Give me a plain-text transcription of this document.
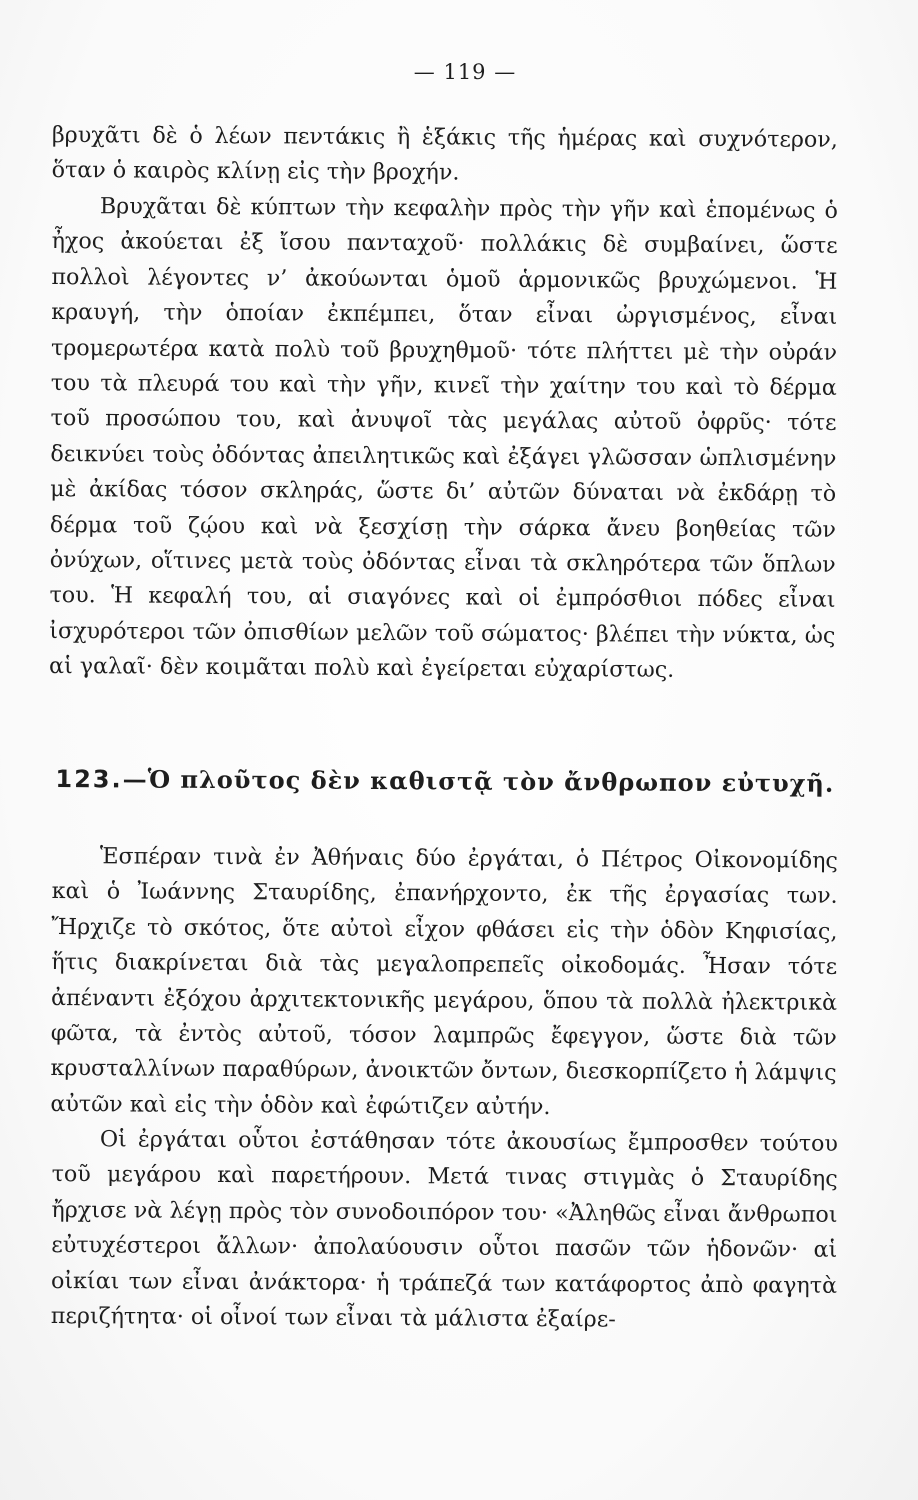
— 119 —

βρυχᾶτι δὲ ὁ λέων πεντάκις ἢ ἑξάκις τῆς ἡμέρας καὶ συχνότερον, ὅταν ὁ καιρὸς κλίνῃ εἰς τὴν βροχήν.

Βρυχᾶται δὲ κύπτων τὴν κεφαλὴν πρὸς τὴν γῆν καὶ ἑπομένως ὁ ἦχος ἀκούεται ἐξ ἴσου πανταχοῦ· πολλάκις δὲ συμβαίνει, ὥστε πολλοὶ λέγοντες ν’ ἀκούωνται ὁμοῦ ἁρμονικῶς βρυχώμενοι. Ἡ κραυγή, τὴν ὁποίαν ἐκπέμπει, ὅταν εἶναι ὠργισμένος, εἶναι τρομερωτέρα κατὰ πολὺ τοῦ βρυχηθμοῦ· τότε πλήττει μὲ τὴν οὐράν του τὰ πλευρά του καὶ τὴν γῆν, κινεῖ τὴν χαίτην του καὶ τὸ δέρμα τοῦ προσώπου του, καὶ ἀνυψοῖ τὰς μεγάλας αὐτοῦ ὀφρῦς· τότε δεικνύει τοὺς ὀδόντας ἀπειλητικῶς καὶ ἐξάγει γλῶσσαν ὡπλισμένην μὲ ἀκίδας τόσον σκληράς, ὥστε δι’ αὐτῶν δύναται νὰ ἐκδάρῃ τὸ δέρμα τοῦ ζῴου καὶ νὰ ξεσχίσῃ τὴν σάρκα ἄνευ βοηθείας τῶν ὀνύχων, οἵτινες μετὰ τοὺς ὀδόντας εἶναι τὰ σκληρότερα τῶν ὅπλων του. Ἡ κεφαλή του, αἱ σιαγόνες καὶ οἱ ἐμπρόσθιοι πόδες εἶναι ἰσχυρότεροι τῶν ὀπισθίων μελῶν τοῦ σώματος· βλέπει τὴν νύκτα, ὡς αἱ γαλαῖ· δὲν κοιμᾶται πολὺ καὶ ἐγείρεται εὐχαρίστως.

123.—Ὁ πλοῦτος δὲν καθιστᾷ τὸν ἄνθρωπον εὐτυχῆ.

Ἑσπέραν τινὰ ἐν Ἀθήναις δύο ἐργάται, ὁ Πέτρος Οἰκονομίδης καὶ ὁ Ἰωάννης Σταυρίδης, ἐπανήρχοντο, ἐκ τῆς ἐργασίας των. Ἤρχιζε τὸ σκότος, ὅτε αὐτοὶ εἶχον φθάσει εἰς τὴν ὁδὸν Κηφισίας, ἥτις διακρίνεται διὰ τὰς μεγαλοπρεπεῖς οἰκοδομάς. Ἦσαν τότε ἀπέναντι ἐξόχου ἀρχιτεκτονικῆς μεγάρου, ὅπου τὰ πολλὰ ἠλεκτρικὰ φῶτα, τὰ ἐντὸς αὐτοῦ, τόσον λαμπρῶς ἔφεγγον, ὥστε διὰ τῶν κρυσταλλίνων παραθύρων, ἀνοικτῶν ὄντων, διεσκορπίζετο ἡ λάμψις αὐτῶν καὶ εἰς τὴν ὁδὸν καὶ ἐφώτιζεν αὐτήν.

Οἱ ἐργάται οὗτοι ἐστάθησαν τότε ἀκουσίως ἔμπροσθεν τούτου τοῦ μεγάρου καὶ παρετήρουν. Μετά τινας στιγμὰς ὁ Σταυρίδης ἤρχισε νὰ λέγῃ πρὸς τὸν συνοδοιπόρον του· «Ἀληθῶς εἶναι ἄνθρωποι εὐτυχέστεροι ἄλλων· ἀπολαύουσιν οὗτοι πασῶν τῶν ἡδονῶν· αἱ οἰκίαι των εἶναι ἀνάκτορα· ἡ τράπεζά των κατάφορτος ἀπὸ φαγητὰ περιζήτητα· οἱ οἶνοί των εἶναι τὰ μάλιστα ἐξαίρε-
